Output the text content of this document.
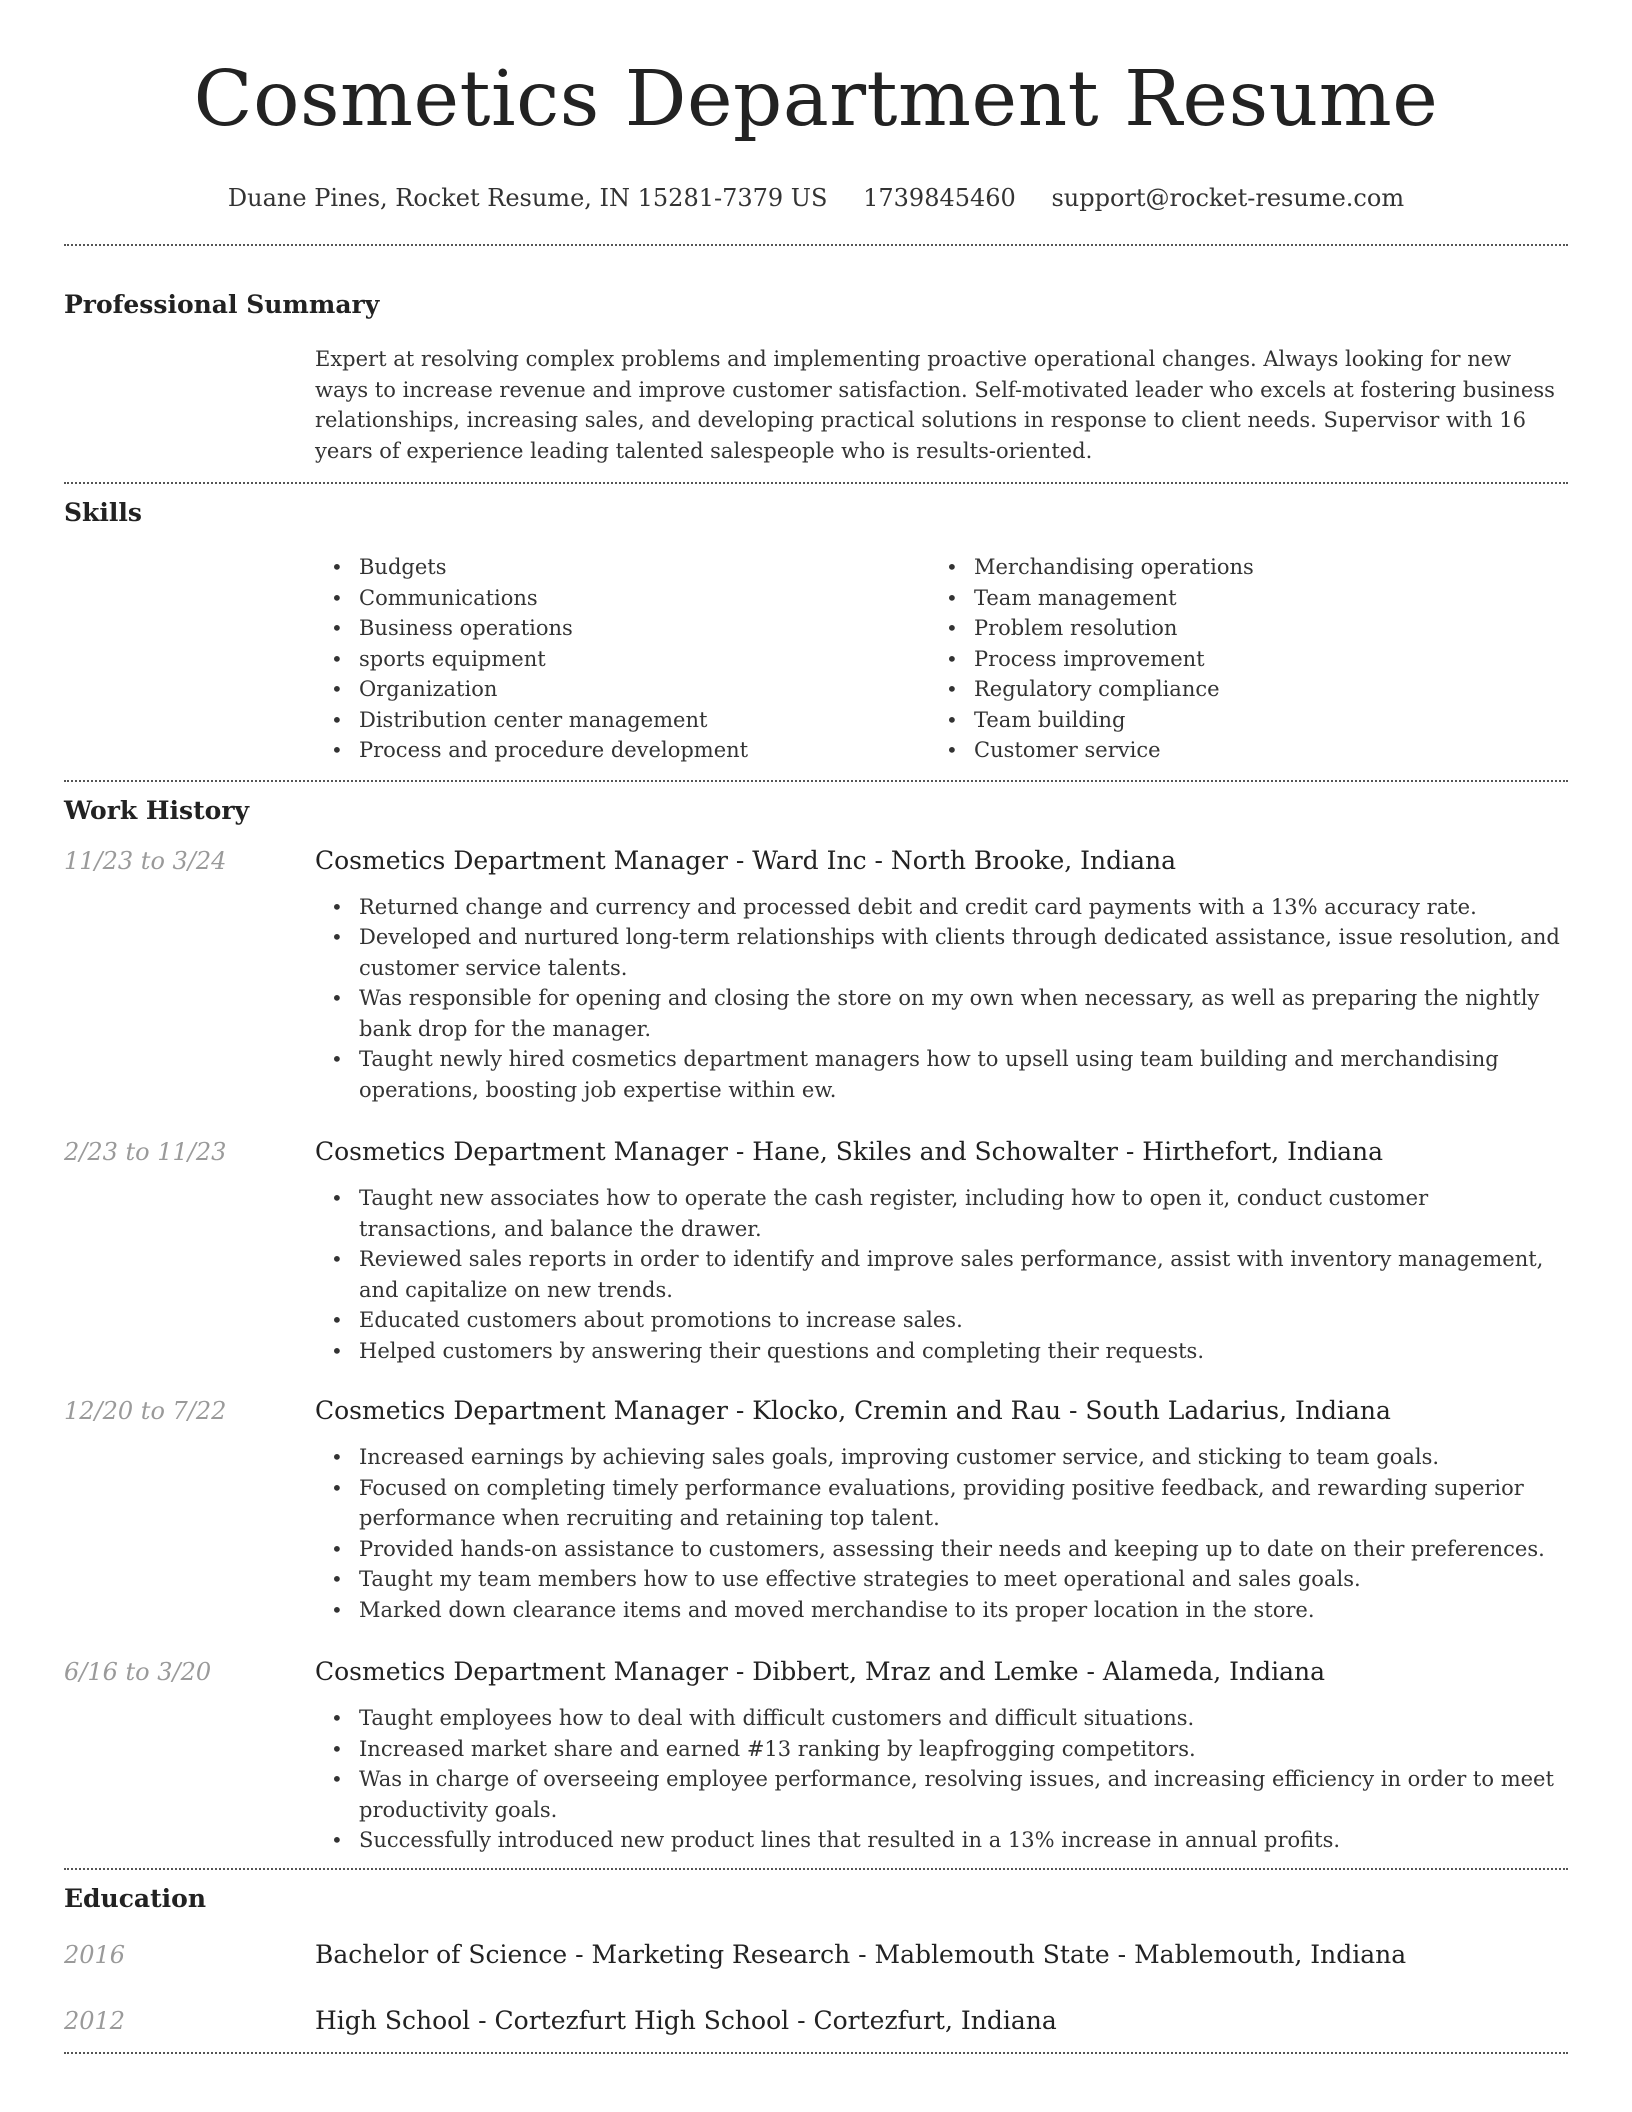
Cosmetics Department Resume
Duane Pines, Rocket Resume, IN 15281-7379 US 1739845460 support@rocket-resume.com
Professional Summary

Expert at resolving complex problems and implementing proactive operational changes. Always looking for new ways to increase revenue and improve customer satisfaction. Self-motivated leader who excels at fostering business relationships, increasing sales, and developing practical solutions in response to client needs. Supervisor with 16 years of experience leading talented salespeople who is results-oriented.

Skills
• Budgets
• Communications
• Business operations
• sports equipment
• Organization
• Distribution center management
• Process and procedure development
• Merchandising operations
• Team management
• Problem resolution
• Process improvement
• Regulatory compliance
• Team building
• Customer service
Work History
11/23 to 3/24	Cosmetics Department Manager - Ward Inc - North Brooke, Indiana
• Returned change and currency and processed debit and credit card payments with a 13% accuracy rate.
• Developed and nurtured long-term relationships with clients through dedicated assistance, issue resolution, and customer service talents.
• Was responsible for opening and closing the store on my own when necessary, as well as preparing the nightly bank drop for the manager.
• Taught newly hired cosmetics department managers how to upsell using team building and merchandising operations, boosting job expertise within ew.
2/23 to 11/23	Cosmetics Department Manager - Hane, Skiles and Schowalter - Hirthefort, Indiana
• Taught new associates how to operate the cash register, including how to open it, conduct customer transactions, and balance the drawer.
• Reviewed sales reports in order to identify and improve sales performance, assist with inventory management, and capitalize on new trends.
• Educated customers about promotions to increase sales.
• Helped customers by answering their questions and completing their requests.
12/20 to 7/22	Cosmetics Department Manager - Klocko, Cremin and Rau - South Ladarius, Indiana
• Increased earnings by achieving sales goals, improving customer service, and sticking to team goals.
• Focused on completing timely performance evaluations, providing positive feedback, and rewarding superior performance when recruiting and retaining top talent.
• Provided hands-on assistance to customers, assessing their needs and keeping up to date on their preferences.
• Taught my team members how to use effective strategies to meet operational and sales goals.
• Marked down clearance items and moved merchandise to its proper location in the store.
6/16 to 3/20	Cosmetics Department Manager - Dibbert, Mraz and Lemke - Alameda, Indiana
• Taught employees how to deal with difficult customers and difficult situations.
• Increased market share and earned #13 ranking by leapfrogging competitors.
• Was in charge of overseeing employee performance, resolving issues, and increasing efficiency in order to meet productivity goals.
• Successfully introduced new product lines that resulted in a 13% increase in annual profits.
Education
2016	Bachelor of Science - Marketing Research - Mablemouth State - Mablemouth, Indiana
2012	High School - Cortezfurt High School - Cortezfurt, Indiana
